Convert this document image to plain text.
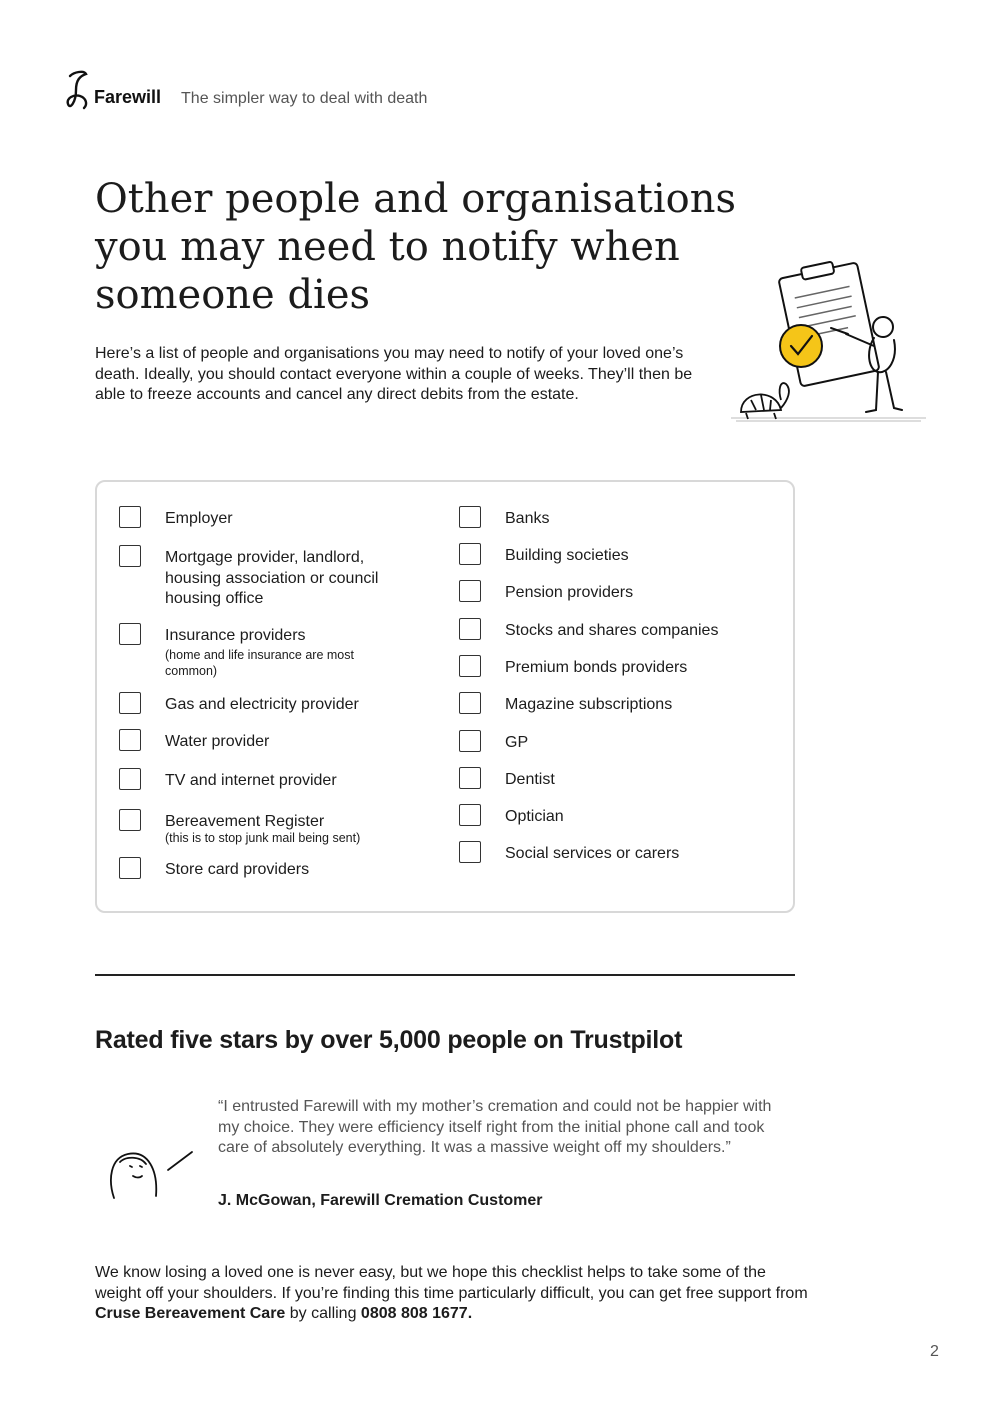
Farewill The simpler way to deal with death
Other people and organisations you may need to notify when someone dies

Here’s a list of people and organisations you may need to notify of your loved one’s death. Ideally, you should contact everyone within a couple of weeks. They’ll then be able to freeze accounts and cancel any direct debits from the estate.

Employer
Mortgage provider, landlord, housing association or council housing office
Insurance providers
(home and life insurance are most common)
Gas and electricity provider
Water provider
TV and internet provider
Bereavement Register
(this is to stop junk mail being sent)
Store card providers
Banks
Building societies
Pension providers
Stocks and shares companies
Premium bonds providers
Magazine subscriptions
GP
Dentist
Optician
Social services or carers
Rated five stars by over 5,000 people on Trustpilot

“I entrusted Farewill with my mother’s cremation and could not be happier with my choice. They were efficiency itself right from the initial phone call and took care of absolutely everything. It was a massive weight off my shoulders.”

J. McGowan, Farewill Cremation Customer

We know losing a loved one is never easy, but we hope this checklist helps to take some of the weight off your shoulders. If you’re finding this time particularly difficult, you can get free support from Cruse Bereavement Care by calling 0808 808 1677.

2
